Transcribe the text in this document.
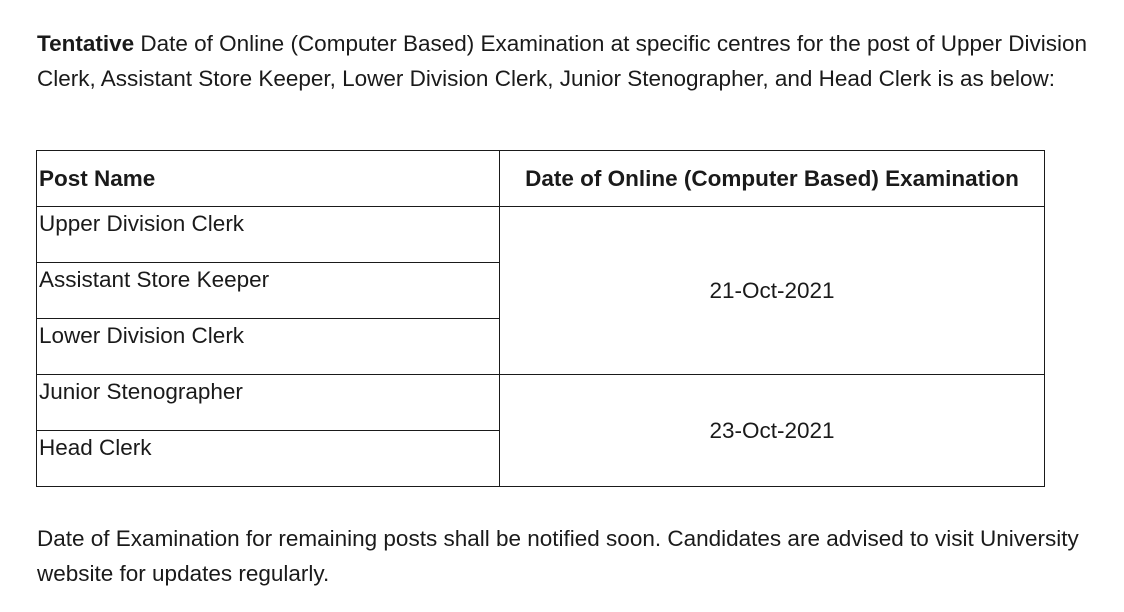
Tentative Date of Online (Computer Based) Examination at specific centres for the post of Upper Division Clerk, Assistant Store Keeper, Lower Division Clerk, Junior Stenographer, and Head Clerk is as below:

Post Name	Date of Online (Computer Based) Examination
Upper Division Clerk	21-Oct-2021
Assistant Store Keeper	
Lower Division Clerk	
Junior Stenographer	23-Oct-2021
Head Clerk	

Date of Examination for remaining posts shall be notified soon. Candidates are advised to visit University website for updates regularly.
